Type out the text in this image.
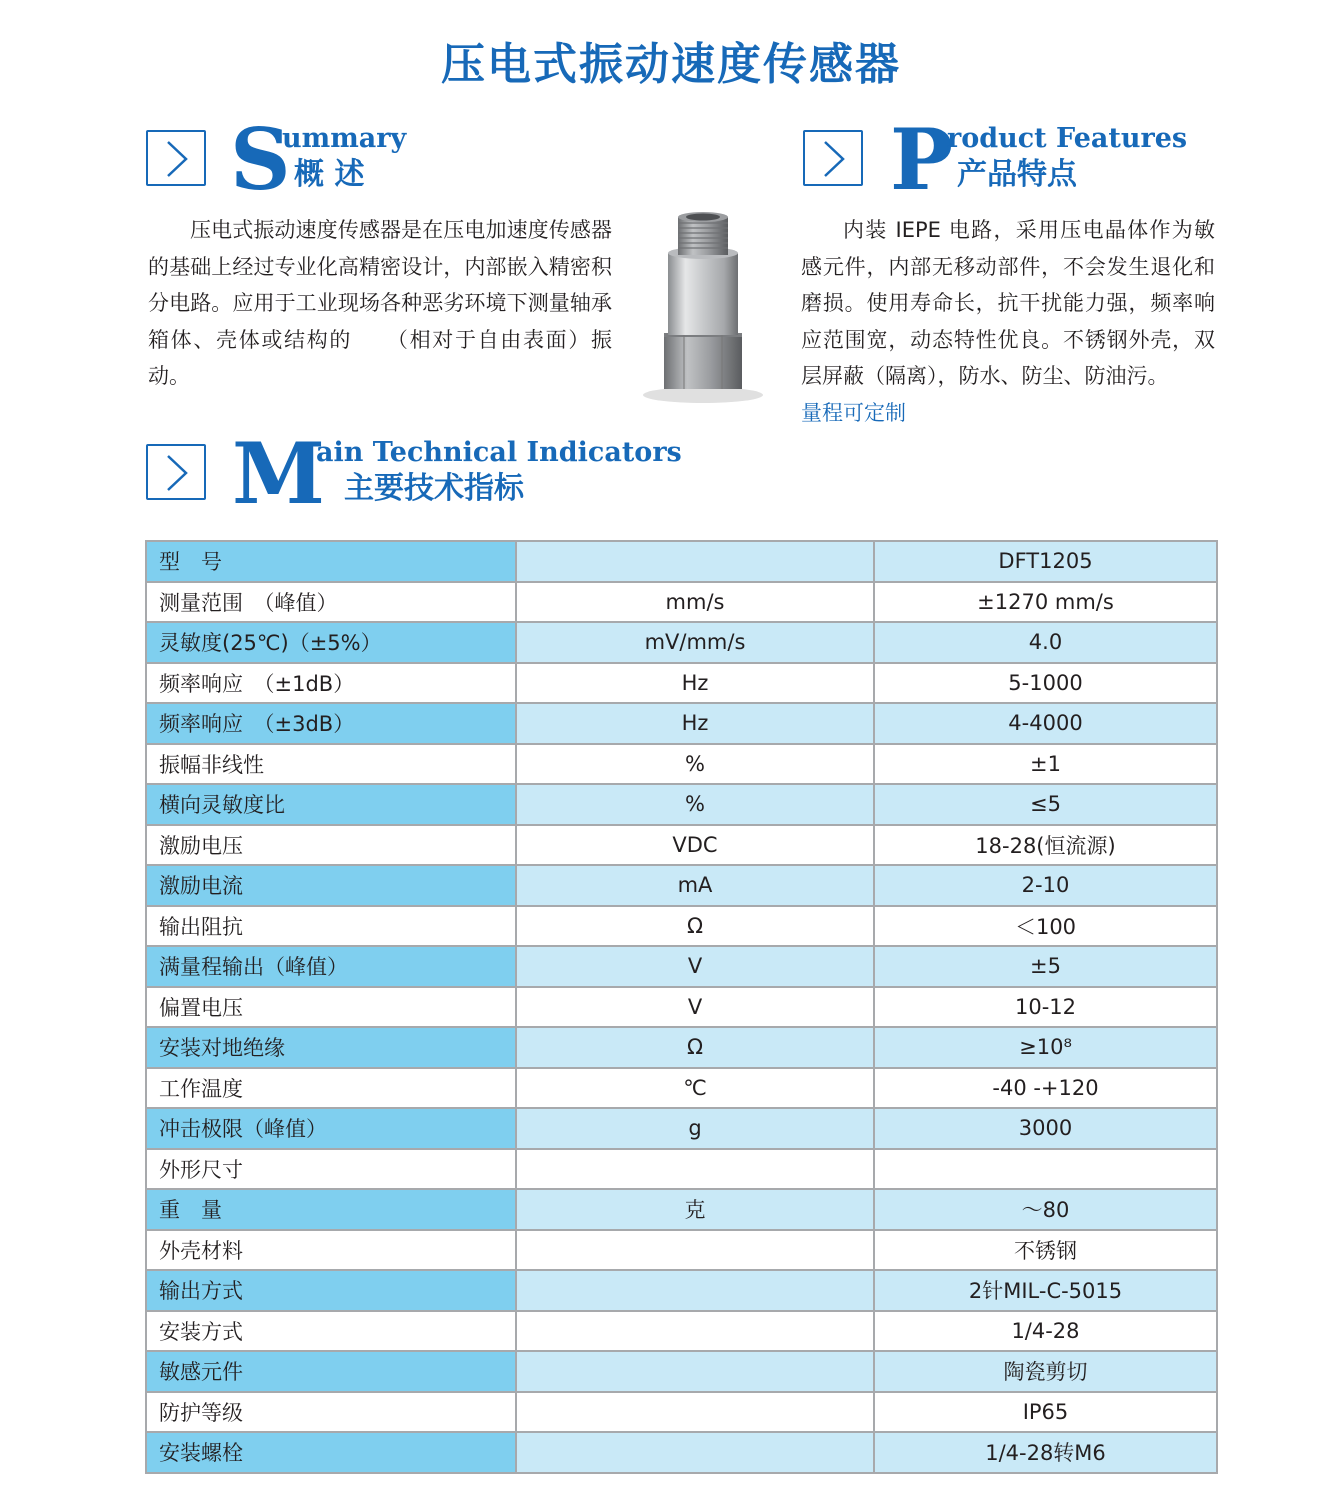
压电式振动速度传感器
S
ummary
概 述

压电式振动速度传感器是在压电加速度传感器的基础上经过专业化高精密设计，内部嵌入精密积分电路。应用于工业现场各种恶劣环境下测量轴承箱体、壳体或结构的　　（相对于自由表面）振动。

P
roduct Features
产品特点

内装 IEPE 电路，采用压电晶体作为敏感元件，内部无移动部件，不会发生退化和磨损。使用寿命长，抗干扰能力强，频率响应范围宽，动态特性优良。不锈钢外壳，双层屏蔽（隔离），防水、防尘、防油污。

量程可定制

M
ain Technical Indicators
主要技术指标
型　号		DFT1205
测量范围　（峰值）	mm/s	±1270 mm/s
灵敏度(25℃)（±5%）	mV/mm/s	4.0
频率响应　（±1dB）	Hz	5-1000
频率响应　（±3dB）	Hz	4-4000
振幅非线性	%	±1
横向灵敏度比	%	≤5
激励电压	VDC	18-28(恒流源)
激励电流	mA	2-10
输出阻抗	Ω	＜100
满量程输出（峰值）	V	±5
偏置电压	V	10-12
安装对地绝缘	Ω	≥10⁸
工作温度	℃	-40 -+120
冲击极限（峰值）	g	3000
外形尺寸		
重　量	克	～80
外壳材料		不锈钢
输出方式		2针MIL-C-5015
安装方式		1/4-28
敏感元件		陶瓷剪切
防护等级		IP65
安装螺栓		1/4-28转M6
